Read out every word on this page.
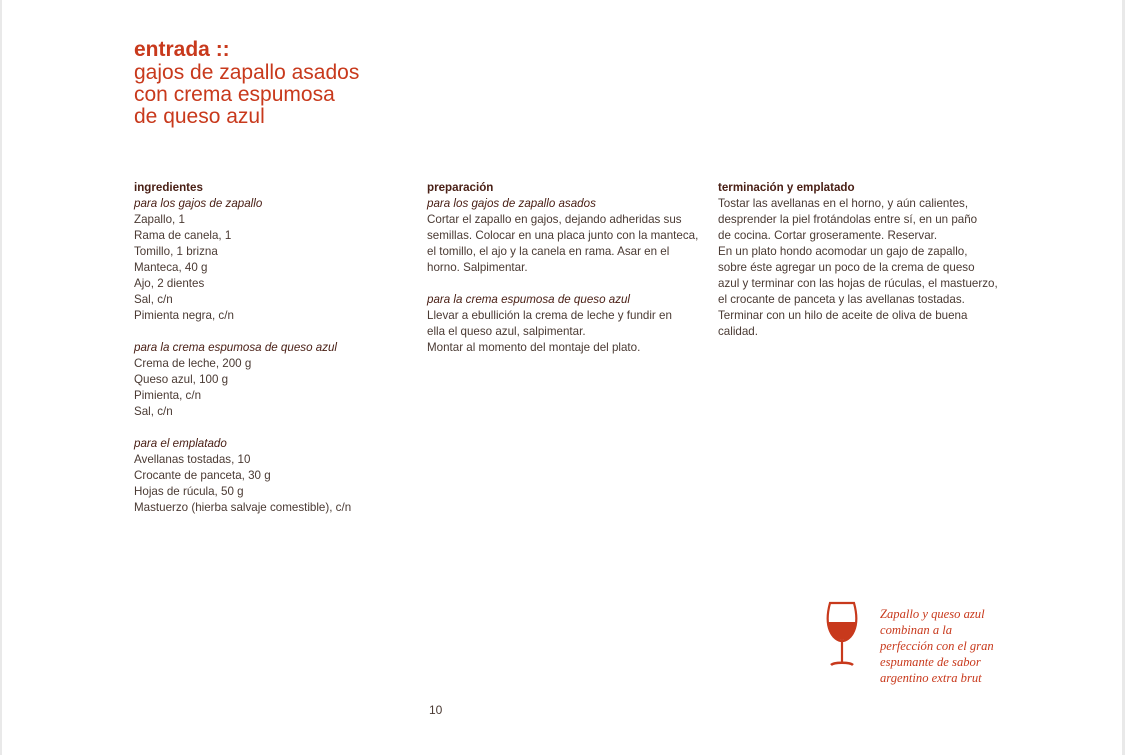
entrada ::
gajos de zapallo asados
con crema espumosa
de queso azul
ingredientes
para los gajos de zapallo
Zapallo, 1
Rama de canela, 1
Tomillo, 1 brizna
Manteca, 40 g
Ajo, 2 dientes
Sal, c/n
Pimienta negra, c/n
para la crema espumosa de queso azul
Crema de leche, 200 g
Queso azul, 100 g
Pimienta, c/n
Sal, c/n
para el emplatado
Avellanas tostadas, 10
Crocante de panceta, 30 g
Hojas de rúcula, 50 g
Mastuerzo (hierba salvaje comestible), c/n
preparación
para los gajos de zapallo asados
Cortar el zapallo en gajos, dejando adheridas sus
semillas. Colocar en una placa junto con la manteca,
el tomillo, el ajo y la canela en rama. Asar en el
horno. Salpimentar.
para la crema espumosa de queso azul
Llevar a ebullición la crema de leche y fundir en
ella el queso azul, salpimentar.
Montar al momento del montaje del plato.
terminación y emplatado
Tostar las avellanas en el horno, y aún calientes,
desprender la piel frotándolas entre sí, en un paño
de cocina. Cortar groseramente. Reservar.
En un plato hondo acomodar un gajo de zapallo,
sobre éste agregar un poco de la crema de queso
azul y terminar con las hojas de rúculas, el mastuerzo,
el crocante de panceta y las avellanas tostadas.
Terminar con un hilo de aceite de oliva de buena
calidad.
Zapallo y queso azul
combinan a la
perfección con el gran
espumante de sabor
argentino extra brut
10
